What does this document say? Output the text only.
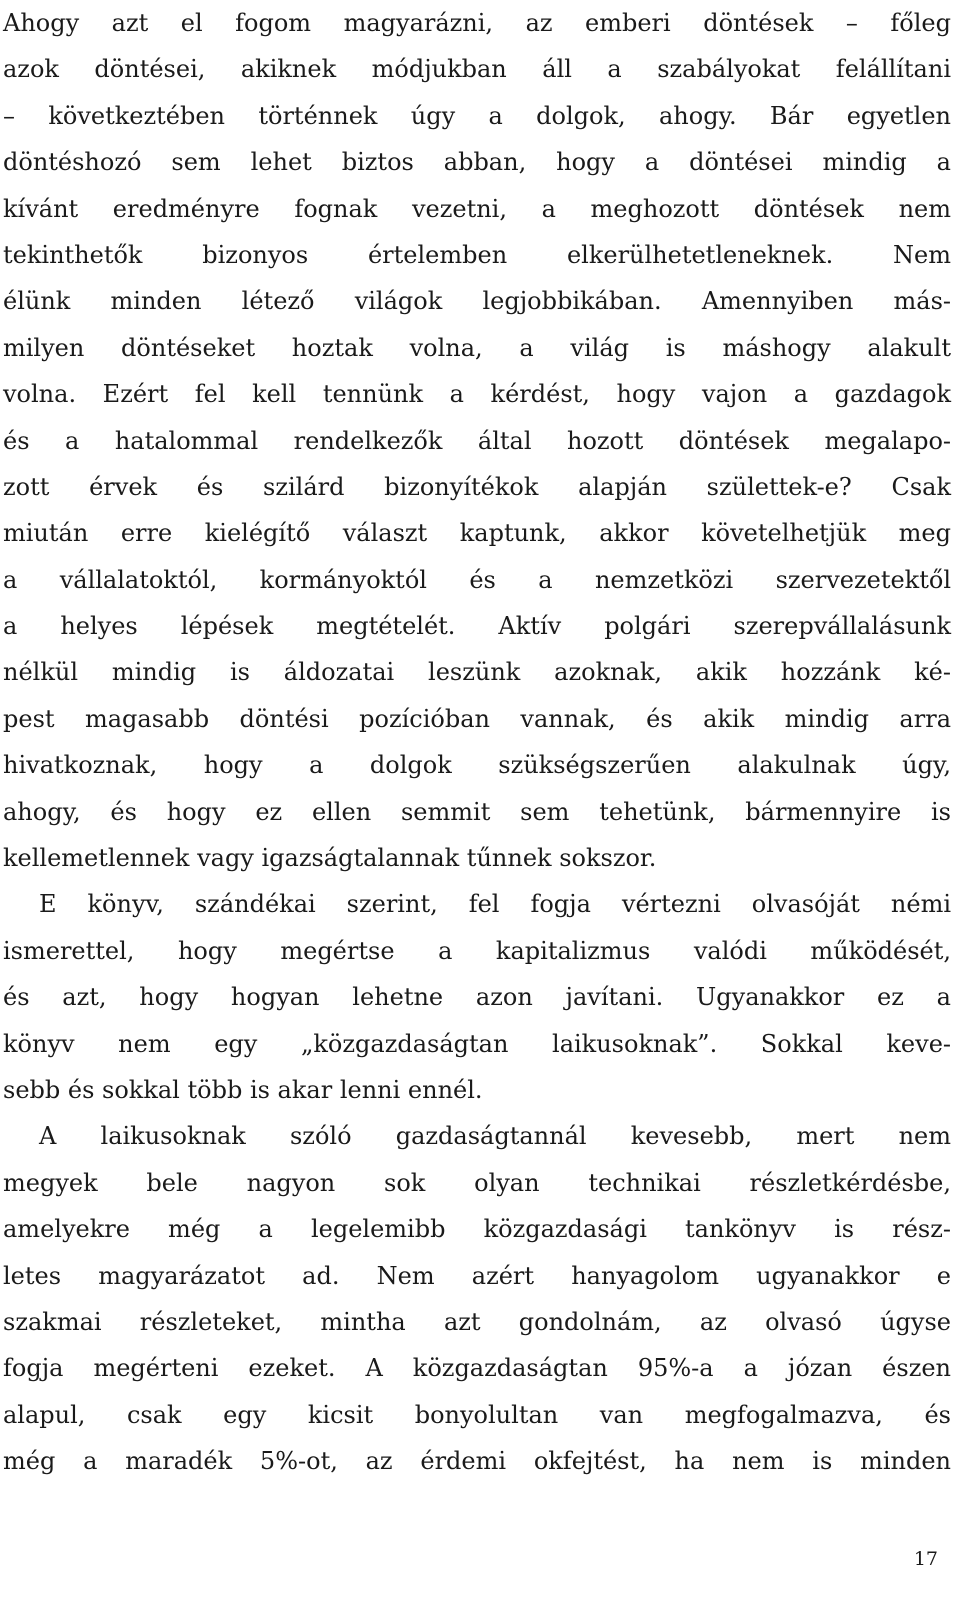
Ahogy azt el fogom magyarázni, az emberi döntések – főleg
azok döntései, akiknek módjukban áll a szabályokat felállítani
– következtében történnek úgy a dolgok, ahogy. Bár egyetlen
döntéshozó sem lehet biztos abban, hogy a döntései mindig a
kívánt eredményre fognak vezetni, a meghozott döntések nem
tekinthetők bizonyos értelemben elkerülhetetleneknek. Nem
élünk minden létező világok legjobbikában. Amennyiben más-
milyen döntéseket hoztak volna, a világ is máshogy alakult
volna. Ezért fel kell tennünk a kérdést, hogy vajon a gazdagok
és a hatalommal rendelkezők által hozott döntések megalapo-
zott érvek és szilárd bizonyítékok alapján születtek-e? Csak
miután erre kielégítő választ kaptunk, akkor követelhetjük meg
a vállalatoktól, kormányoktól és a nemzetközi szervezetektől
a helyes lépések megtételét. Aktív polgári szerepvállalásunk
nélkül mindig is áldozatai leszünk azoknak, akik hozzánk ké-
pest magasabb döntési pozícióban vannak, és akik mindig arra
hivatkoznak, hogy a dolgok szükségszerűen alakulnak úgy,
ahogy, és hogy ez ellen semmit sem tehetünk, bármennyire is
kellemetlennek vagy igazságtalannak tűnnek sokszor.

E könyv, szándékai szerint, fel fogja vértezni olvasóját némi
ismerettel, hogy megértse a kapitalizmus valódi működését,
és azt, hogy hogyan lehetne azon javítani. Ugyanakkor ez a
könyv nem egy „közgazdaságtan laikusoknak”. Sokkal keve-
sebb és sokkal több is akar lenni ennél.

A laikusoknak szóló gazdaságtannál kevesebb, mert nem
megyek bele nagyon sok olyan technikai részletkérdésbe,
amelyekre még a legelemibb közgazdasági tankönyv is rész-
letes magyarázatot ad. Nem azért hanyagolom ugyanakkor e
szakmai részleteket, mintha azt gondolnám, az olvasó úgyse
fogja megérteni ezeket. A közgazdaságtan 95%-a a józan észen
alapul, csak egy kicsit bonyolultan van megfogalmazva, és
még a maradék 5%-ot, az érdemi okfejtést, ha nem is minden

17
